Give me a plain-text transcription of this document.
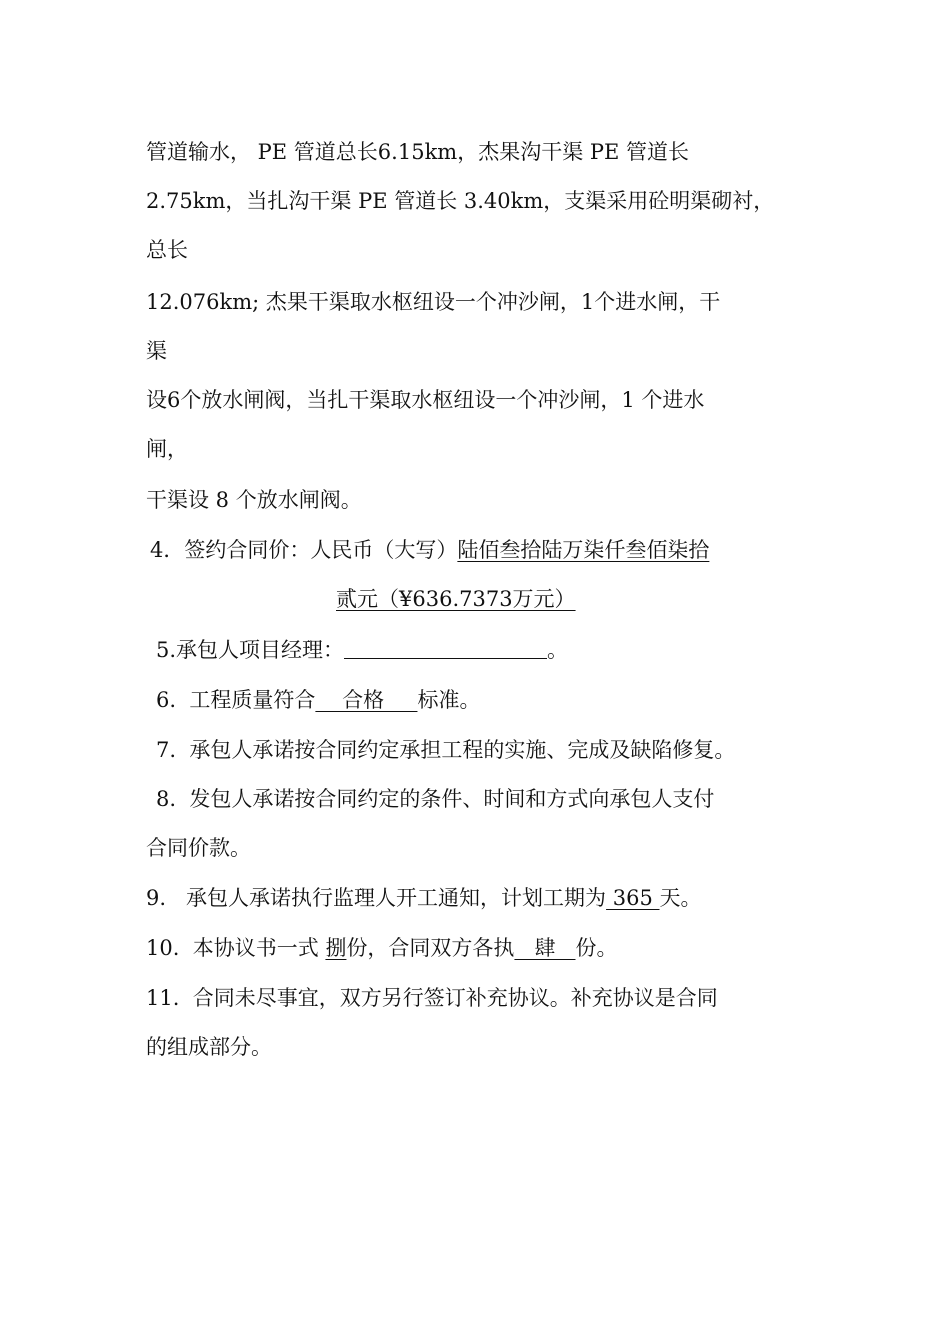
管道输水， PE 管道总长6.15km，杰果沟干渠 PE 管道长
2.75km，当扎沟干渠 PE 管道长 3.40km，支渠采用砼明渠砌衬，
总长
12.076km; 杰果干渠取水枢纽设一个冲沙闸，1个进水闸，干
渠
设6个放水闸阀，当扎干渠取水枢纽设一个冲沙闸，1 个进水
闸，
干渠设 8 个放水闸阀。
4．签约合同价：人民币（大写）陆佰叁拾陆万柒仟叁佰柒拾
贰元（¥636.7373万元）
5.承包人项目经理：	。
6.  工程质量符合    合格     标准。
7.  承包人承诺按合同约定承担工程的实施、完成及缺陷修复。
8.  发包人承诺按合同约定的条件、时间和方式向承包人支付
合同价款。
9.   承包人承诺执行监理人开工通知，计划工期为 365 天。
10.  本协议书一式 捌份，合同双方各执   肆   份。
11.  合同未尽事宜，双方另行签订补充协议。补充协议是合同
的组成部分。
